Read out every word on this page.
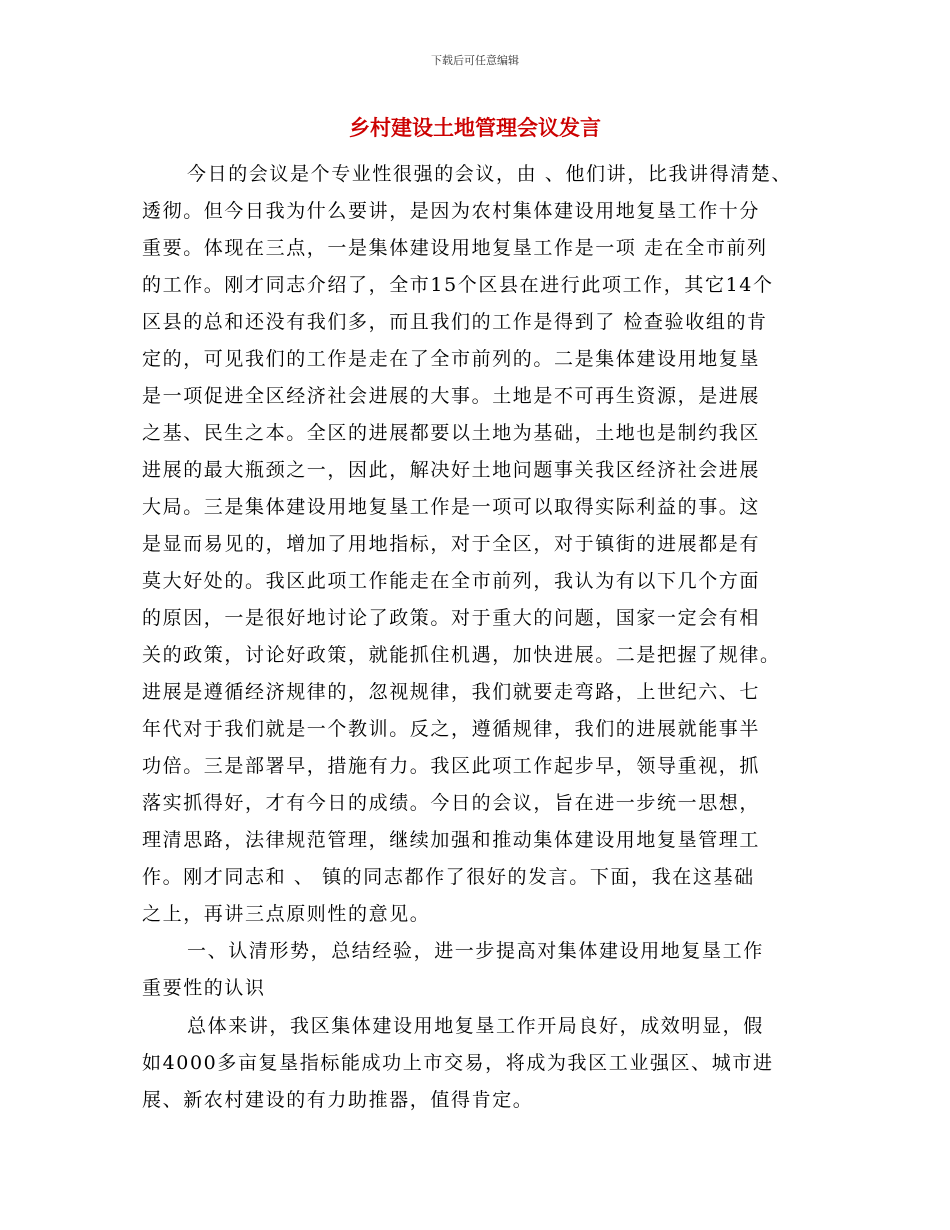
下载后可任意编辑
乡村建设土地管理会议发言
今日的会议是个专业性很强的会议，由 、他们讲，比我讲得清楚、
透彻。但今日我为什么要讲，是因为农村集体建设用地复垦工作十分
重要。体现在三点，一是集体建设用地复垦工作是一项 走在全市前列
的工作。刚才同志介绍了，全市15个区县在进行此项工作，其它14个
区县的总和还没有我们多，而且我们的工作是得到了 检查验收组的肯
定的，可见我们的工作是走在了全市前列的。二是集体建设用地复垦
是一项促进全区经济社会进展的大事。土地是不可再生资源，是进展
之基、民生之本。全区的进展都要以土地为基础，土地也是制约我区
进展的最大瓶颈之一，因此，解决好土地问题事关我区经济社会进展
大局。三是集体建设用地复垦工作是一项可以取得实际利益的事。这
是显而易见的，增加了用地指标，对于全区，对于镇街的进展都是有
莫大好处的。我区此项工作能走在全市前列，我认为有以下几个方面
的原因，一是很好地讨论了政策。对于重大的问题，国家一定会有相
关的政策，讨论好政策，就能抓住机遇，加快进展。二是把握了规律。
进展是遵循经济规律的，忽视规律，我们就要走弯路，上世纪六、七
年代对于我们就是一个教训。反之，遵循规律，我们的进展就能事半
功倍。三是部署早，措施有力。我区此项工作起步早，领导重视，抓
落实抓得好，才有今日的成绩。今日的会议，旨在进一步统一思想，
理清思路，法律规范管理，继续加强和推动集体建设用地复垦管理工
作。刚才同志和 、 镇的同志都作了很好的发言。下面，我在这基础
之上，再讲三点原则性的意见。
一、认清形势，总结经验，进一步提高对集体建设用地复垦工作
重要性的认识
总体来讲，我区集体建设用地复垦工作开局良好，成效明显，假
如4000多亩复垦指标能成功上市交易，将成为我区工业强区、城市进
展、新农村建设的有力助推器，值得肯定。
